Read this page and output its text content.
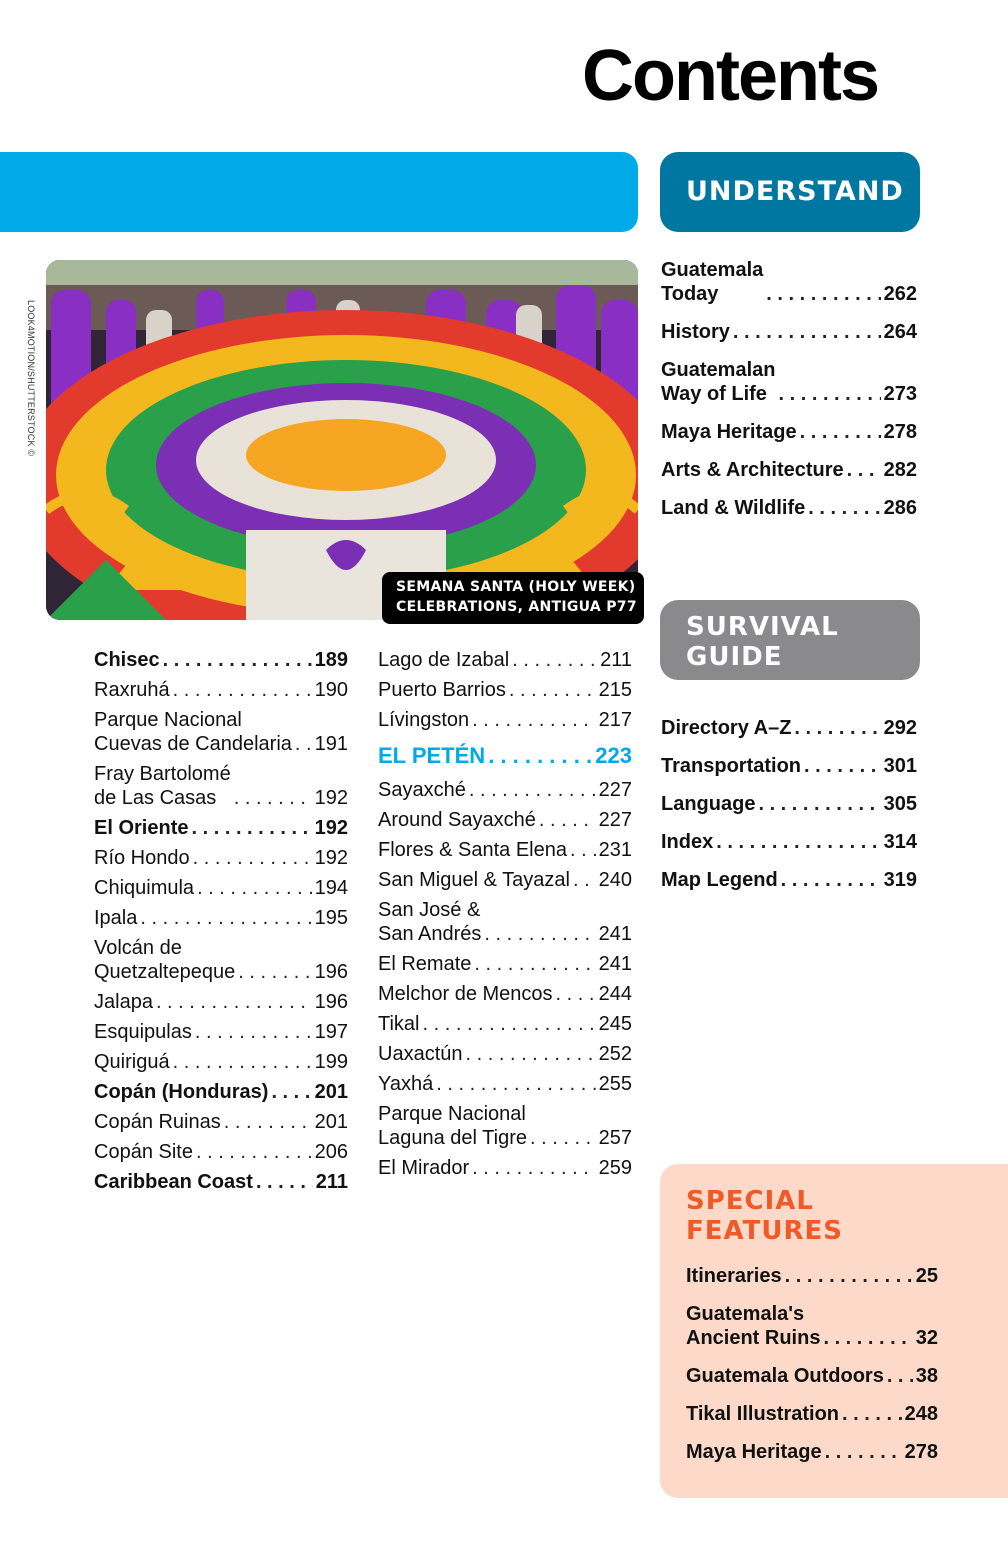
Contents
LOOK4MOTION/SHUTTERSTOCK ©
SEMANA SANTA (HOLY WEEK)
CELEBRATIONS, ANTIGUA P77
Chisec . . .	189
Raxruhá . . .	190
Parque Nacional
Cuevas de Candelaria . . . 191
Fray Bartolomé
de Las Casas . . .	192
El Oriente . . .	192
Río Hondo . . .	192
Chiquimula . . .	194
Ipala . . .	195
Volcán de
Quetzaltepeque . . .	196
Jalapa . . .	196
Esquipulas . . .	197
Quiriguá . . .	199
Copán (Honduras) . . . 201
Copán Ruinas . . .	201
Copán Site . . .	206
Caribbean Coast . . .	211
Lago de Izabal . . .	211
Puerto Barrios . . .	215
Lívingston . . .	217
EL PETÉN . . .	223
Sayaxché . . .	227
Around Sayaxché . . .	227
Flores & Santa Elena . . . 231
San Miguel & Tayazal . . . 240
San José &
San Andrés . . .	241
El Remate . . .	241
Melchor de Mencos . . . 244
Tikal . . .	245
Uaxactún . . .	252
Yaxhá . . .	255
Parque Nacional
Laguna del Tigre . . .	257
El Mirador . . .	259
UNDERSTAND
Guatemala
Today . . .	262
History . . .	264
Guatemalan
Way of Life . . .	273
Maya Heritage . . .	278
Arts & Architecture . . . 282
Land & Wildlife . . .	286
SURVIVAL
GUIDE
Directory A–Z . . .	292
Transportation . . .	301
Language . . .	305
Index . . .	314
Map Legend . . .	319
SPECIAL
FEATURES
Itineraries . . .	25
Guatemala's
Ancient Ruins . . .	32
Guatemala Outdoors . . . 38
Tikal Illustration . . .	248
Maya Heritage . . .	278
